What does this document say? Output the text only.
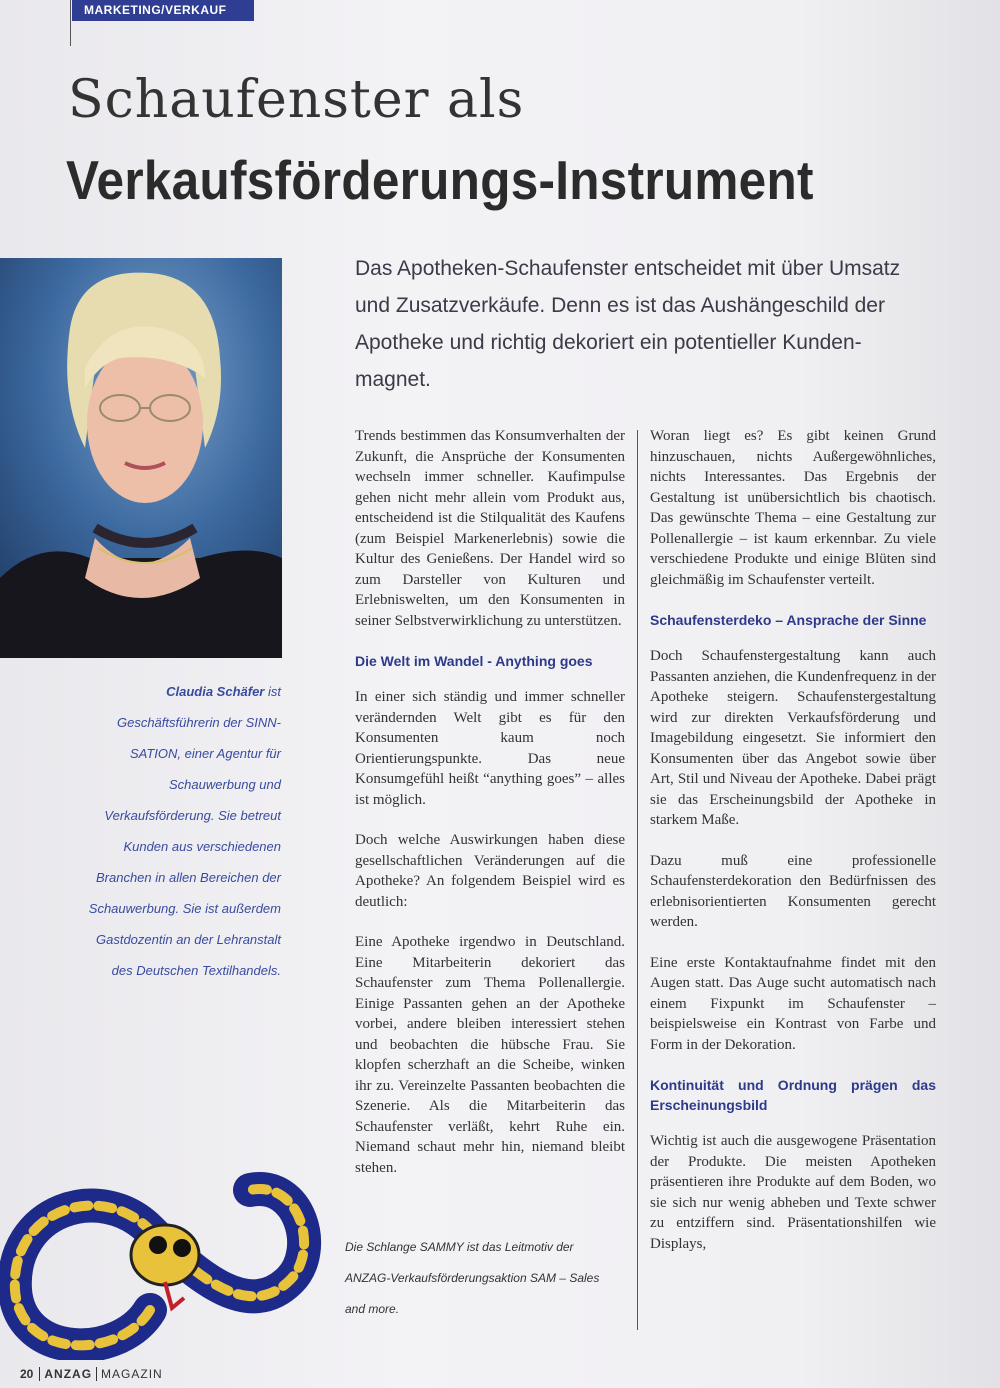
MARKETING/VERKAUF
Schaufenster als
Verkaufsförderungs-Instrument

Das Apotheken-Schaufenster entscheidet mit über Umsatz

und Zusatzverkäufe. Denn es ist das Aushängeschild der

Apotheke und richtig dekoriert ein potentieller Kunden-

magnet.

Claudia Schäfer ist Geschäftsführerin der SINN-SATION, einer Agentur für Schauwerbung und Verkaufsförderung. Sie betreut Kunden aus verschiedenen Branchen in allen Bereichen der Schauwerbung. Sie ist außerdem Gastdozentin an der Lehranstalt des Deutschen Textilhandels.

Trends bestimmen das Konsumverhalten der Zukunft, die Ansprüche der Konsumenten wechseln immer schneller. Kaufimpulse gehen nicht mehr allein vom Produkt aus, entscheidend ist die Stilqualität des Kaufens (zum Beispiel Markenerlebnis) sowie die Kultur des Genießens. Der Handel wird so zum Darsteller von Kulturen und Erlebniswelten, um den Konsumenten in seiner Selbstverwirklichung zu unterstützen.

Die Welt im Wandel - Anything goes

In einer sich ständig und immer schneller verändernden Welt gibt es für den Konsumenten kaum noch Orientierungspunkte. Das neue Konsumgefühl heißt “anything goes” – alles ist möglich.

Doch welche Auswirkungen haben diese gesellschaftlichen Veränderungen auf die Apotheke? An folgendem Beispiel wird es deutlich:

Eine Apotheke irgendwo in Deutschland. Eine Mitarbeiterin dekoriert das Schaufenster zum Thema Pollenallergie. Einige Passanten gehen an der Apotheke vorbei, andere bleiben interessiert stehen und beobachten die hübsche Frau. Sie klopfen scherzhaft an die Scheibe, winken ihr zu. Vereinzelte Passanten beobachten die Szenerie. Als die Mitarbeiterin das Schaufenster verläßt, kehrt Ruhe ein. Niemand schaut mehr hin, niemand bleibt stehen.

Woran liegt es? Es gibt keinen Grund hinzuschauen, nichts Außergewöhnliches, nichts Interessantes. Das Ergebnis der Gestaltung ist unübersichtlich bis chaotisch. Das gewünschte Thema – eine Gestaltung zur Pollenallergie – ist kaum erkennbar. Zu viele verschiedene Produkte und einige Blüten sind gleichmäßig im Schaufenster verteilt.

Schaufensterdeko – Ansprache der Sinne

Doch Schaufenstergestaltung kann auch Passanten anziehen, die Kundenfrequenz in der Apotheke steigern. Schaufenstergestaltung wird zur direkten Verkaufsförderung und Imagebildung eingesetzt. Sie informiert den Konsumenten über das Angebot sowie über Art, Stil und Niveau der Apotheke. Dabei prägt sie das Erscheinungsbild der Apotheke in starkem Maße.

Dazu muß eine professionelle Schaufensterdekoration den Bedürfnissen des erlebnisorientierten Konsumenten gerecht werden.

Eine erste Kontaktaufnahme findet mit den Augen statt. Das Auge sucht automatisch nach einem Fixpunkt im Schaufenster – beispielsweise ein Kontrast von Farbe und Form in der Dekoration.

Kontinuität und Ordnung prägen das Erscheinungsbild

Wichtig ist auch die ausgewogene Präsentation der Produkte. Die meisten Apotheken präsentieren ihre Produkte auf dem Boden, wo sie sich nur wenig abheben und Texte schwer zu entziffern sind. Präsentationshilfen wie Displays,

Die Schlange SAMMY ist das Leitmotiv der ANZAG-Verkaufsförderungsaktion SAM – Sales and more.
20 ANZAG MAGAZIN
